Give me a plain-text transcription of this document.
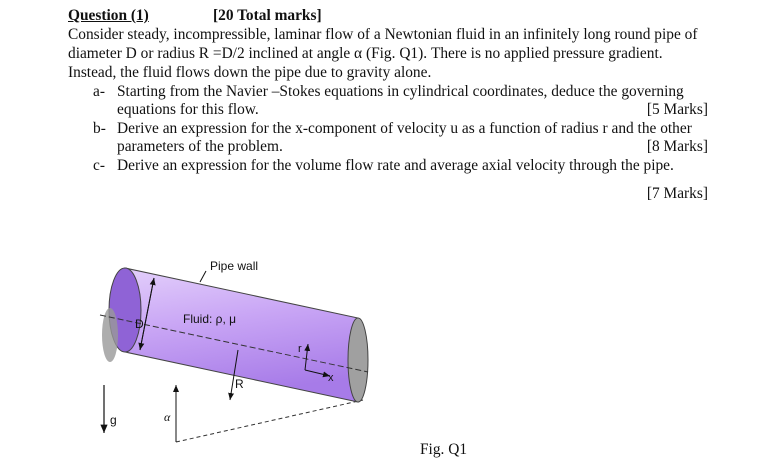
Question (1)	[20 Total marks]
Consider steady, incompressible, laminar flow of a Newtonian fluid in an infinitely long round pipe of
diameter D or radius R =D/2 inclined at angle α (Fig. Q1). There is no applied pressure gradient.
Instead, the fluid flows down the pipe due to gravity alone.
a- Starting from the Navier –Stokes equations in cylindrical coordinates, deduce the governing
equations for this flow.	[5 Marks]
b- Derive an expression for the x-component of velocity u as a function of radius r and the other
parameters of the problem.	[8 Marks]
c- Derive an expression for the volume flow rate and average axial velocity through the pipe.
[7 Marks]
Pipe wall
Fluid: ρ, μ
D
R
r
x
g	α
Fig. Q1
